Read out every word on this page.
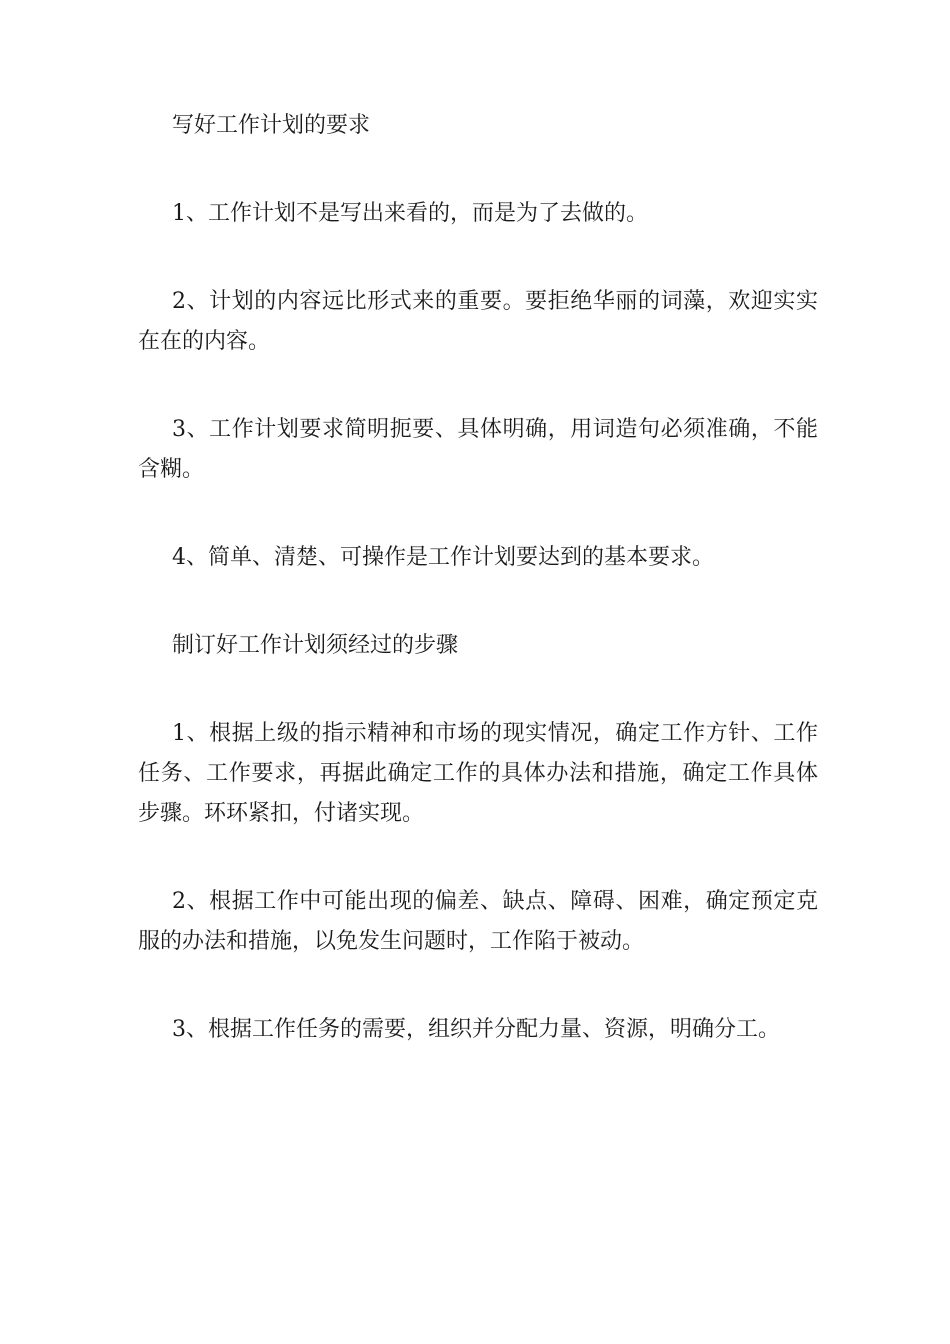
写好工作计划的要求

1、工作计划不是写出来看的，而是为了去做的。

2、计划的内容远比形式来的重要。要拒绝华丽的词藻，欢迎实实在在的内容。

3、工作计划要求简明扼要、具体明确，用词造句必须准确，不能含糊。

4、简单、清楚、可操作是工作计划要达到的基本要求。

制订好工作计划须经过的步骤

1、根据上级的指示精神和市场的现实情况，确定工作方针、工作任务、工作要求，再据此确定工作的具体办法和措施，确定工作具体步骤。环环紧扣，付诸实现。

2、根据工作中可能出现的偏差、缺点、障碍、困难，确定预定克服的办法和措施，以免发生问题时，工作陷于被动。

3、根据工作任务的需要，组织并分配力量、资源，明确分工。
